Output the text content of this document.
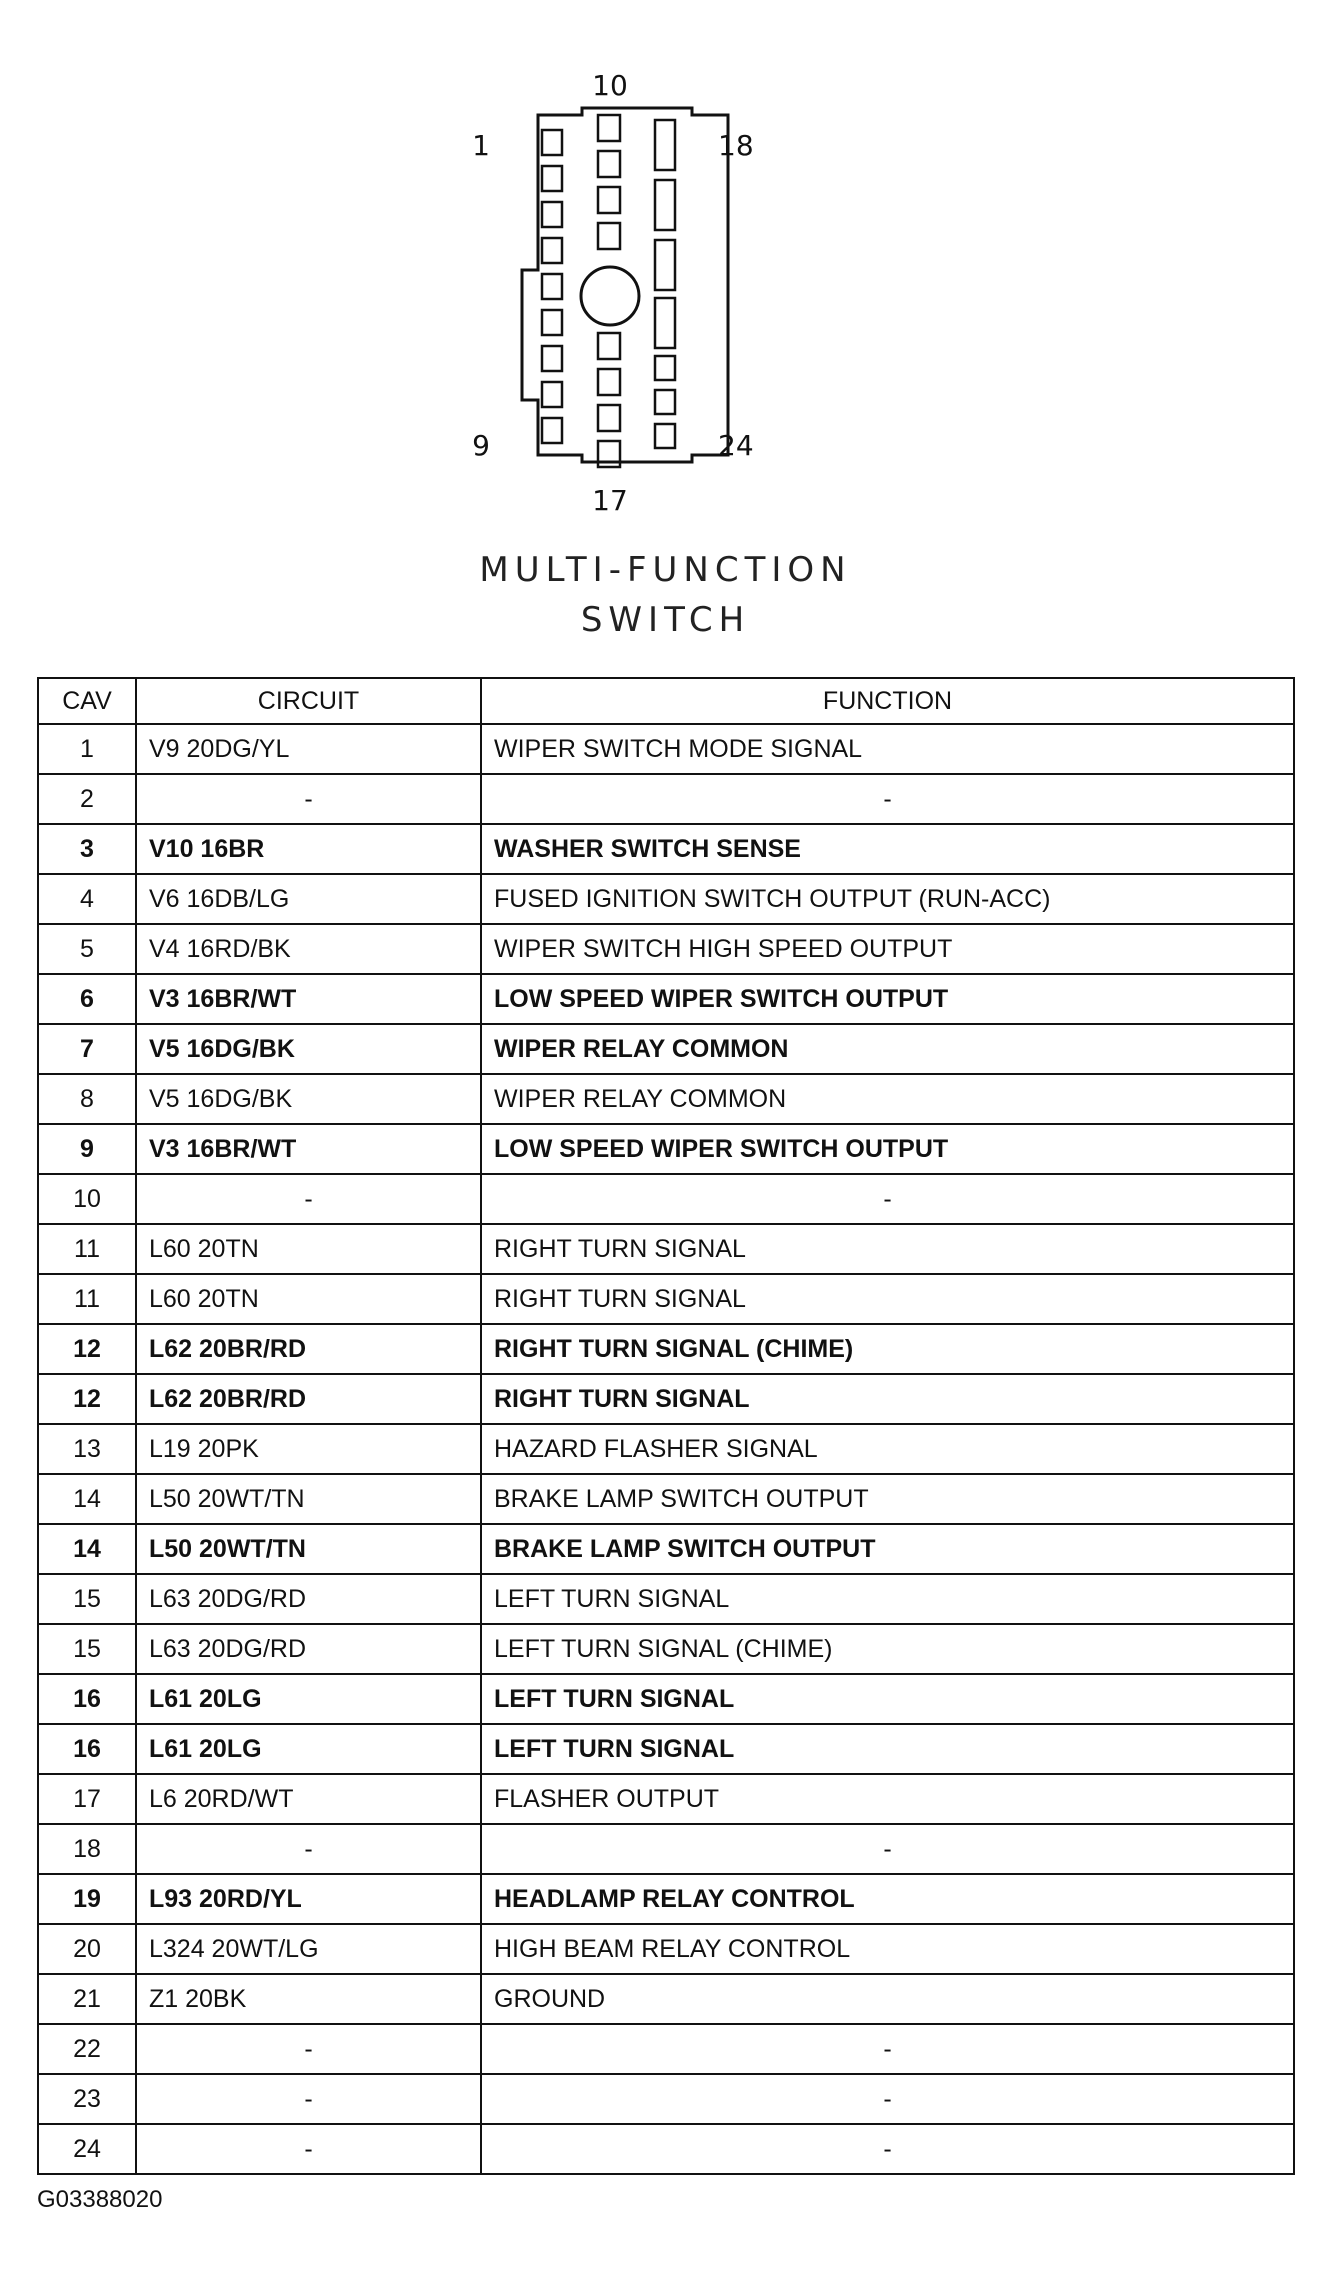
10
1	18
9	24
17
MULTI-FUNCTION
SWITCH
CAV	CIRCUIT	FUNCTION
1	V9 20DG/YL	WIPER SWITCH MODE SIGNAL
2	-	-
3	V10 16BR	WASHER SWITCH SENSE
4	V6 16DB/LG	FUSED IGNITION SWITCH OUTPUT (RUN-ACC)
5	V4 16RD/BK	WIPER SWITCH HIGH SPEED OUTPUT
6	V3 16BR/WT	LOW SPEED WIPER SWITCH OUTPUT
7	V5 16DG/BK	WIPER RELAY COMMON
8	V5 16DG/BK	WIPER RELAY COMMON
9	V3 16BR/WT	LOW SPEED WIPER SWITCH OUTPUT
10	-	-
11	L60 20TN	RIGHT TURN SIGNAL
11	L60 20TN	RIGHT TURN SIGNAL
12	L62 20BR/RD	RIGHT TURN SIGNAL (CHIME)
12	L62 20BR/RD	RIGHT TURN SIGNAL
13	L19 20PK	HAZARD FLASHER SIGNAL
14	L50 20WT/TN	BRAKE LAMP SWITCH OUTPUT
14	L50 20WT/TN	BRAKE LAMP SWITCH OUTPUT
15	L63 20DG/RD	LEFT TURN SIGNAL
15	L63 20DG/RD	LEFT TURN SIGNAL (CHIME)
16	L61 20LG	LEFT TURN SIGNAL
16	L61 20LG	LEFT TURN SIGNAL
17	L6 20RD/WT	FLASHER OUTPUT
18	-	-
19	L93 20RD/YL	HEADLAMP RELAY CONTROL
20	L324 20WT/LG	HIGH BEAM RELAY CONTROL
21	Z1 20BK	GROUND
22	-	-
23	-	-
24	-	-
G03388020
